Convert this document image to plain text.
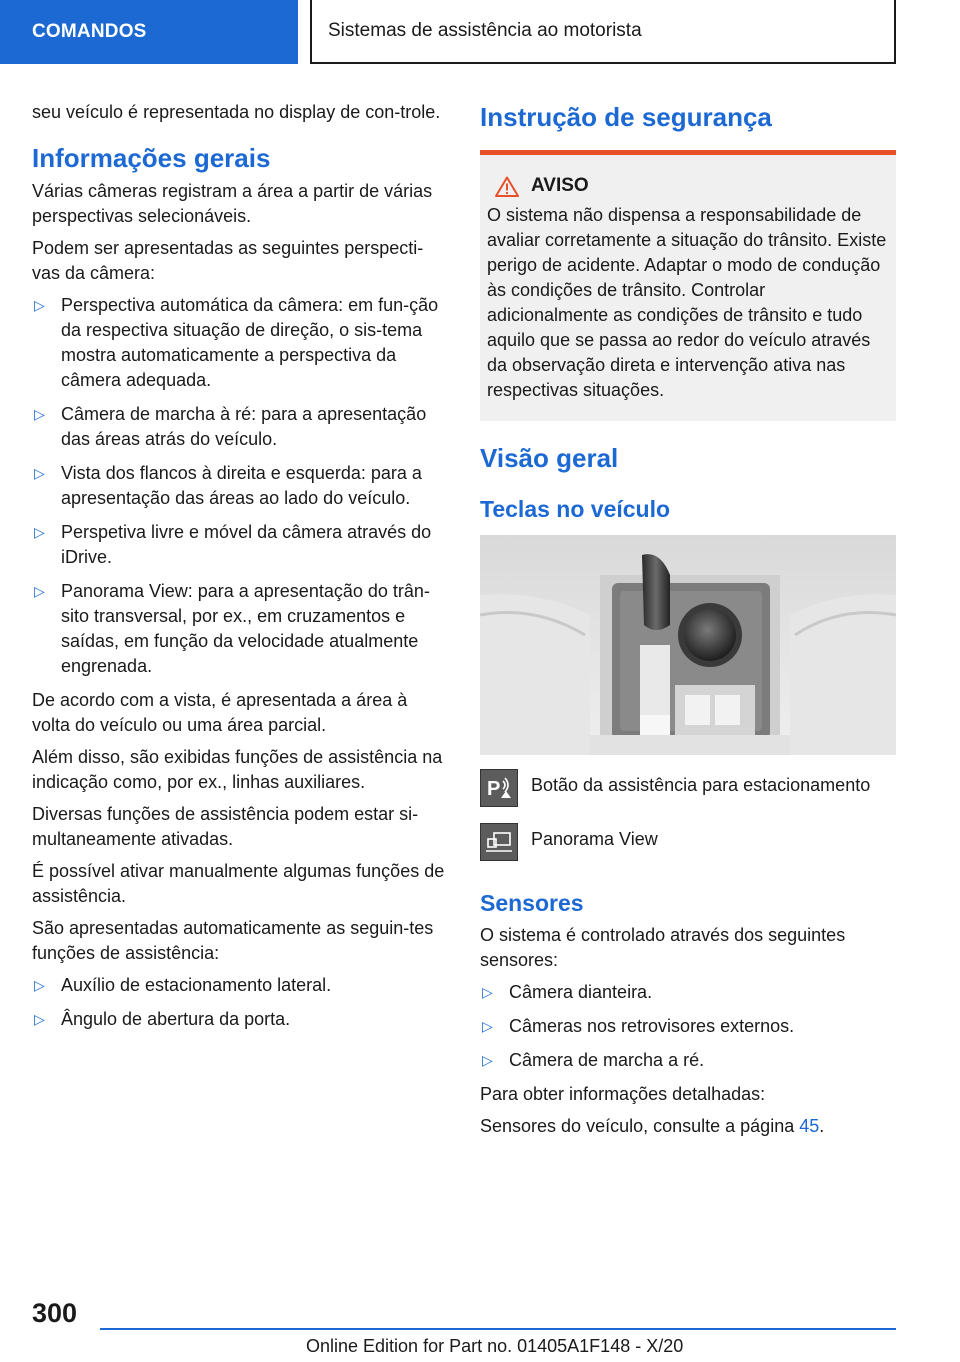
COMANDOS	Sistemas de assistência ao motorista

seu veículo é representada no display de con-trole.

Informações gerais

Várias câmeras registram a área a partir de várias perspectivas selecionáveis.

Podem ser apresentadas as seguintes perspecti-vas da câmera:

▷ Perspectiva automática da câmera: em fun-ção da respectiva situação de direção, o sis-tema mostra automaticamente a perspectiva da câmera adequada.
▷ Câmera de marcha à ré: para a apresentação das áreas atrás do veículo.
▷ Vista dos flancos à direita e esquerda: para a apresentação das áreas ao lado do veículo.
▷ Perspetiva livre e móvel da câmera através do iDrive.
▷ Panorama View: para a apresentação do trân-sito transversal, por ex., em cruzamentos e saídas, em função da velocidade atualmente engrenada.

De acordo com a vista, é apresentada a área à volta do veículo ou uma área parcial.

Além disso, são exibidas funções de assistência na indicação como, por ex., linhas auxiliares.

Diversas funções de assistência podem estar si-multaneamente ativadas.

É possível ativar manualmente algumas funções de assistência.

São apresentadas automaticamente as seguin-tes funções de assistência:

▷ Auxílio de estacionamento lateral.
▷ Ângulo de abertura da porta.
Instrução de segurança
AVISO

O sistema não dispensa a responsabilidade de avaliar corretamente a situação do trânsito. Existe perigo de acidente. Adaptar o modo de condução às condições de trânsito. Controlar adicionalmente as condições de trânsito e tudo aquilo que se passa ao redor do veículo através da observação direta e intervenção ativa nas respectivas situações.

Visão geral
Teclas no veículo
P Botão da assistência para estacionamento
Panorama View
Sensores

O sistema é controlado através dos seguintes sensores:

▷ Câmera dianteira.
▷ Câmeras nos retrovisores externos.
▷ Câmera de marcha a ré.

Para obter informações detalhadas:

Sensores do veículo, consulte a página 45.

300
Online Edition for Part no. 01405A1F148 - X/20
